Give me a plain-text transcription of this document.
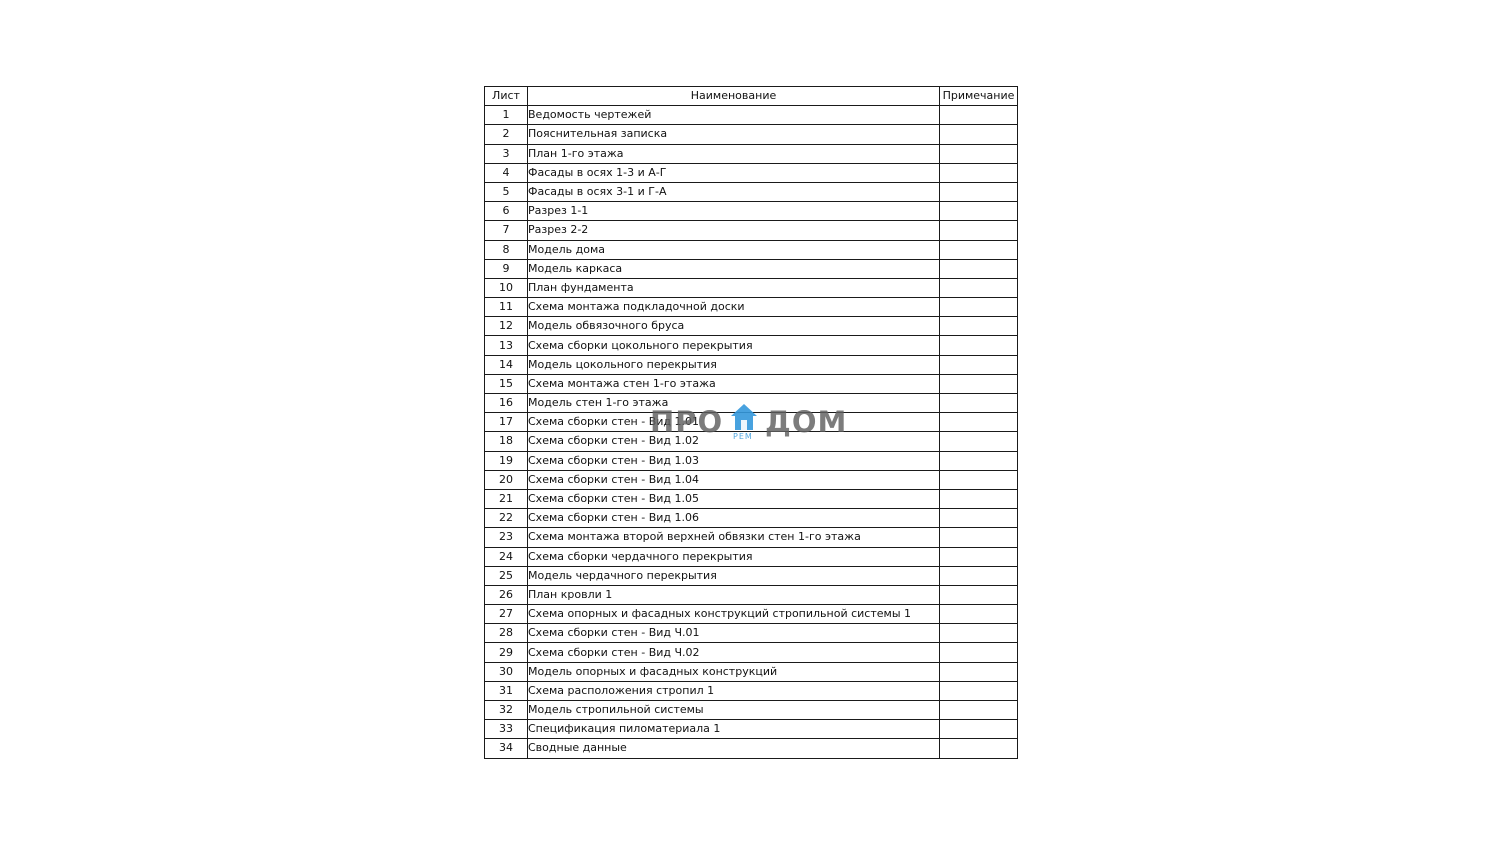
Лист	Наименование	Примечание
1	Ведомость чертежей	
2	Пояснительная записка	
3	План 1-го этажа	
4	Фасады в осях 1-3 и А-Г	
5	Фасады в осях 3-1 и Г-А	
6	Разрез 1-1	
7	Разрез 2-2	
8	Модель дома	
9	Модель каркаса	
10	План фундамента	
11	Схема монтажа подкладочной доски	
12	Модель обвязочного бруса	
13	Схема сборки цокольного перекрытия	
14	Модель цокольного перекрытия	
15	Схема монтажа стен 1-го этажа	
16	Модель стен 1-го этажа	
17	Схема сборки стен - Вид 1.01	
18	Схема сборки стен - Вид 1.02	
19	Схема сборки стен - Вид 1.03	
20	Схема сборки стен - Вид 1.04	
21	Схема сборки стен - Вид 1.05	
22	Схема сборки стен - Вид 1.06	
23	Схема монтажа второй верхней обвязки стен 1-го этажа	
24	Схема сборки чердачного перекрытия	
25	Модель чердачного перекрытия	
26	План кровли 1	
27	Схема опорных и фасадных конструкций стропильной системы 1	
28	Схема сборки стен - Вид Ч.01	
29	Схема сборки стен - Вид Ч.02	
30	Модель опорных и фасадных конструкций	
31	Схема расположения стропил 1	
32	Модель стропильной системы	
33	Спецификация пиломатериала 1	
34	Сводные данные	
ПРО РЕМ ДОМ
